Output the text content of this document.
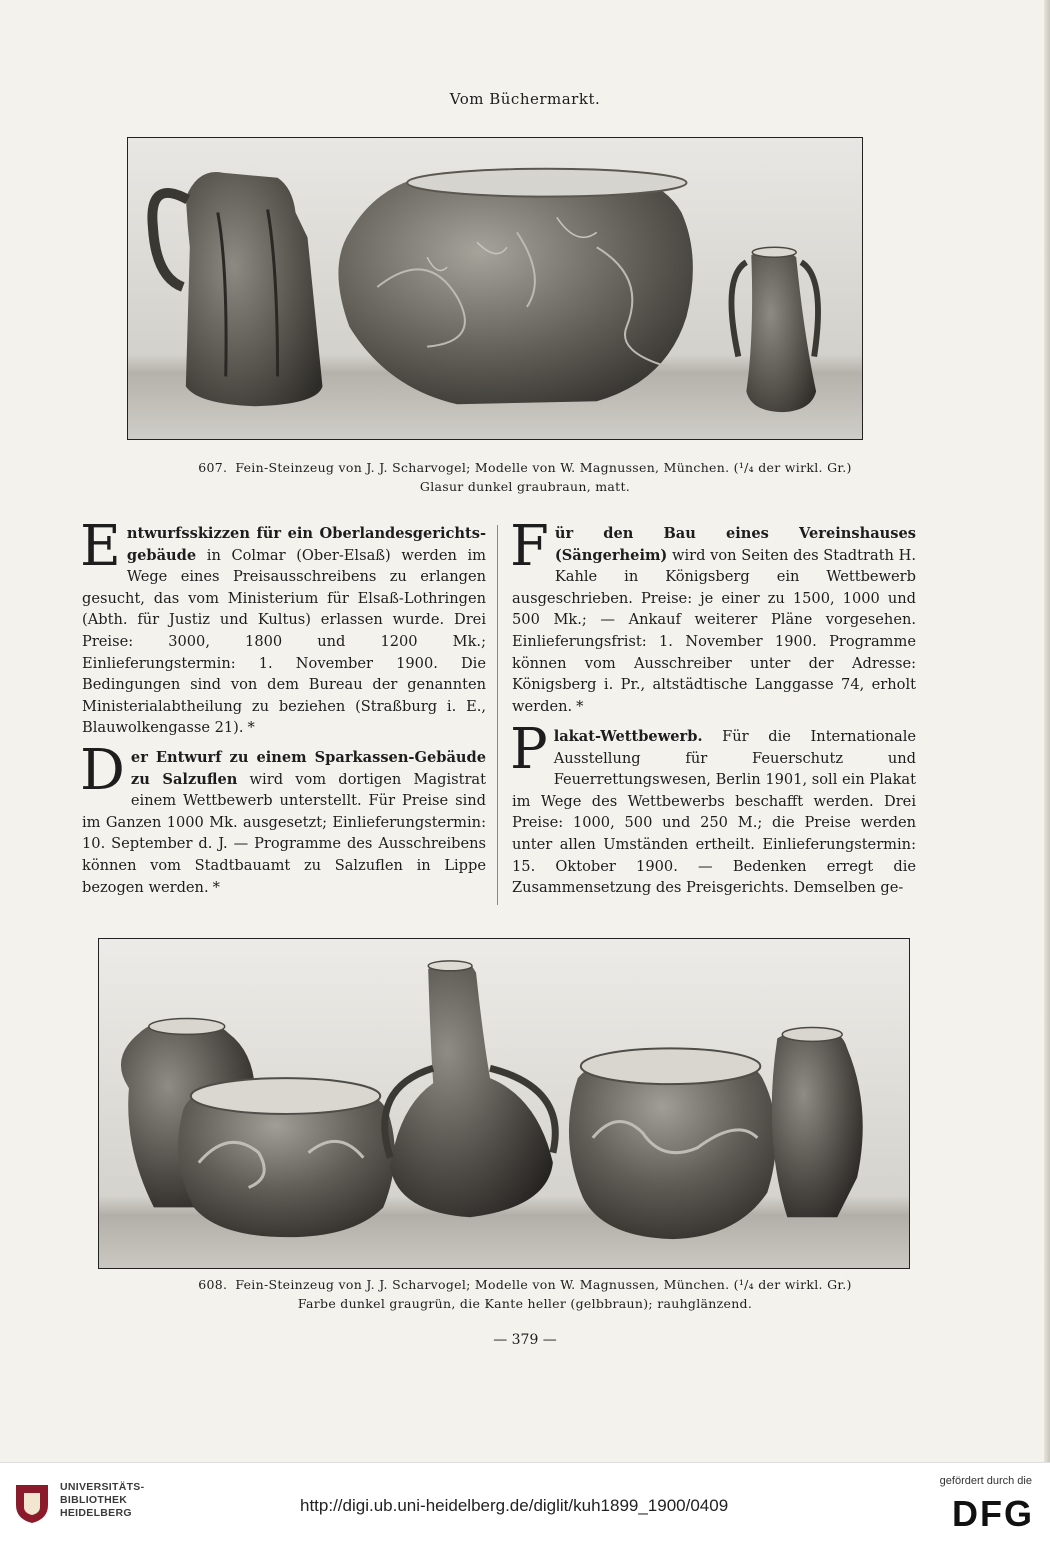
Vom Büchermarkt.
607. Fein-Steinzeug von J. J. Scharvogel; Modelle von W. Magnussen, München. (¹/₄ der wirkl. Gr.)
Glasur dunkel graubraun, matt.

Entwurfsskizzen für ein Oberlandesgerichts-gebäude in Colmar (Ober-Elsaß) werden im Wege eines Preisausschreibens zu erlangen gesucht, das vom Ministerium für Elsaß-Lothringen (Abth. für Justiz und Kultus) erlassen wurde. Drei Preise: 3000, 1800 und 1200 Mk.; Einlieferungstermin: 1. November 1900. Die Bedingungen sind von dem Bureau der genannten Ministerialabtheilung zu beziehen (Straßburg i. E., Blauwolkengasse 21). *

Der Entwurf zu einem Sparkassen-Gebäude zu Salzuflen wird vom dortigen Magistrat einem Wettbewerb unterstellt. Für Preise sind im Ganzen 1000 Mk. ausgesetzt; Einlieferungstermin: 10. September d. J. — Programme des Ausschreibens können vom Stadtbauamt zu Salzuflen in Lippe bezogen werden. *

Für den Bau eines Vereinshauses (Sängerheim) wird von Seiten des Stadtrath H. Kahle in Königsberg ein Wettbewerb ausgeschrieben. Preise: je einer zu 1500, 1000 und 500 Mk.; — Ankauf weiterer Pläne vorgesehen. Einlieferungsfrist: 1. November 1900. Programme können vom Ausschreiber unter der Adresse: Königsberg i. Pr., altstädtische Langgasse 74, erholt werden. *

Plakat-Wettbewerb. Für die Internationale Ausstellung für Feuerschutz und Feuerrettungswesen, Berlin 1901, soll ein Plakat im Wege des Wettbewerbs beschafft werden. Drei Preise: 1000, 500 und 250 M.; die Preise werden unter allen Umständen ertheilt. Einlieferungstermin: 15. Oktober 1900. — Bedenken erregt die Zusammensetzung des Preisgerichts. Demselben ge-

608. Fein-Steinzeug von J. J. Scharvogel; Modelle von W. Magnussen, München. (¹/₄ der wirkl. Gr.)
Farbe dunkel graugrün, die Kante heller (gelbbraun); rauhglänzend.
— 379 —
UNIVERSITÄTS-
BIBLIOTHEK
HEIDELBERG	http://digi.ub.uni-heidelberg.de/diglit/kuh1899_1900/0409
gefördert durch die
DFG
